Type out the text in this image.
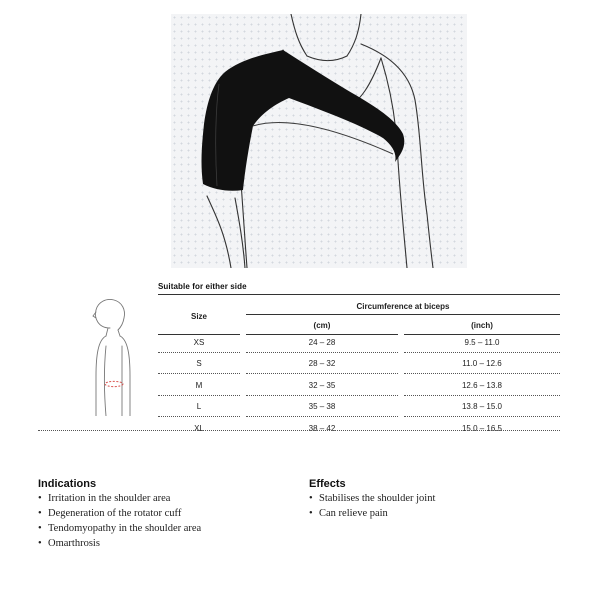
Suitable for either side
Size
Circumference at biceps
(cm)	(inch)
XS	24 – 28	9.5 – 11.0
S	28 – 32	11.0 – 12.6
M	32 – 35	12.6 – 13.8
L	35 – 38	13.8 – 15.0
XL	38 – 42	15.0 – 16.5
Indications
• Irritation in the shoulder area
• Degeneration of the rotator cuff
• Tendomyopathy in the shoulder area
• Omarthrosis
Effects
• Stabilises the shoulder joint
• Can relieve pain
